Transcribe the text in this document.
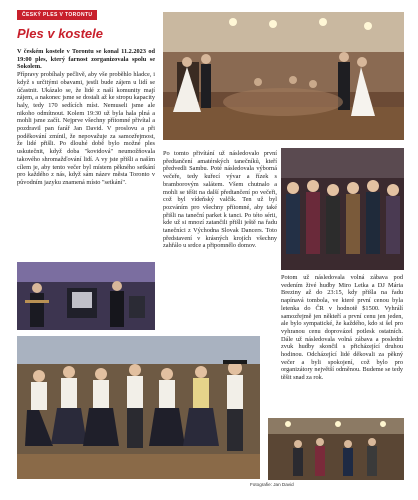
ČESKÝ PLES V TORONTU
Ples v kostele

V českém kostele v Torontu se konal 11.2.2023 od 19:00 ples, který farnost zorganizovala spolu se Sokolem.

Přípravy probíhaly pečlivě, aby vše proběhlo hladce, i když s určitými obavami, jestli bude zájem u lidí se účastnit. Ukázalo se, že lidé z naší komunity mají zájem, a nakonec jsme se dostali až ke stropu kapacity haly, tedy 170 sedících míst. Nemuseli jsme ale nikoho odmítnout. Kolem 19:30 už byla hala plná a mohli jsme začít. Nejprve všechny přítomné přivítal a pozdravil pan farář Jan David. V proslovu a při poděkování zmínil, že nepovažuje za samozřejmost, že lidé přišli. Po dlouhé době bylo možné ples uskutečnit, když doba "kovidová" neumožňovala takového shromažďování lidí. A vy jste přišli a naším cílem je, aby tento večer byl místem pěkného setkání pro každého z nás, když sám název města Toronto v původním jazyku znamená místo "setkání".

Po tomto přivítání už následovalo první předtančení amatérských tanečníků, kteří předvedli Sambu. Poté následovala výborná večeře, tedy kuřecí vývar a řízek s bramborovým salátem. Všem chutnalo a mohli se těšit na další předtančení po večeři, což byl vídeňský valčík. Ten už byl pozváním pro všechny přítomné, aby také přišli na taneční parket k tanci. Po této sérii, kde už si mnozí zatančili přišli ještě na řadu tanečníci z Východna Slovak Dancers. Toto představení v krásných krojích všechny zahřálo u srdce a připomnělo domov.

Potom už následovala volná zábava pod vedením živé hudby Miro Letka a DJ Mária Breziny až do 23:15, kdy přišla na řadu napínavá tombola, ve které první cenou byla letenka do ČR v hodnotě $1500. Vyhrálí samozřejmě jen někteří a první cenu jen jeden, ale bylo sympatické, že každého, kdo si šel pro vyhranou cenu doprovázel potlesk ostatních. Dále už následovala volná zábava a poslední zvuk hudby skončil s přicházející druhou hodinou. Odcházející lidé děkovali za pěkný večer a byli spokojení, což bylo pro organizátory největší odměnou. Budeme se tedy těšit snad za rok.

Fotografie: Jan David
